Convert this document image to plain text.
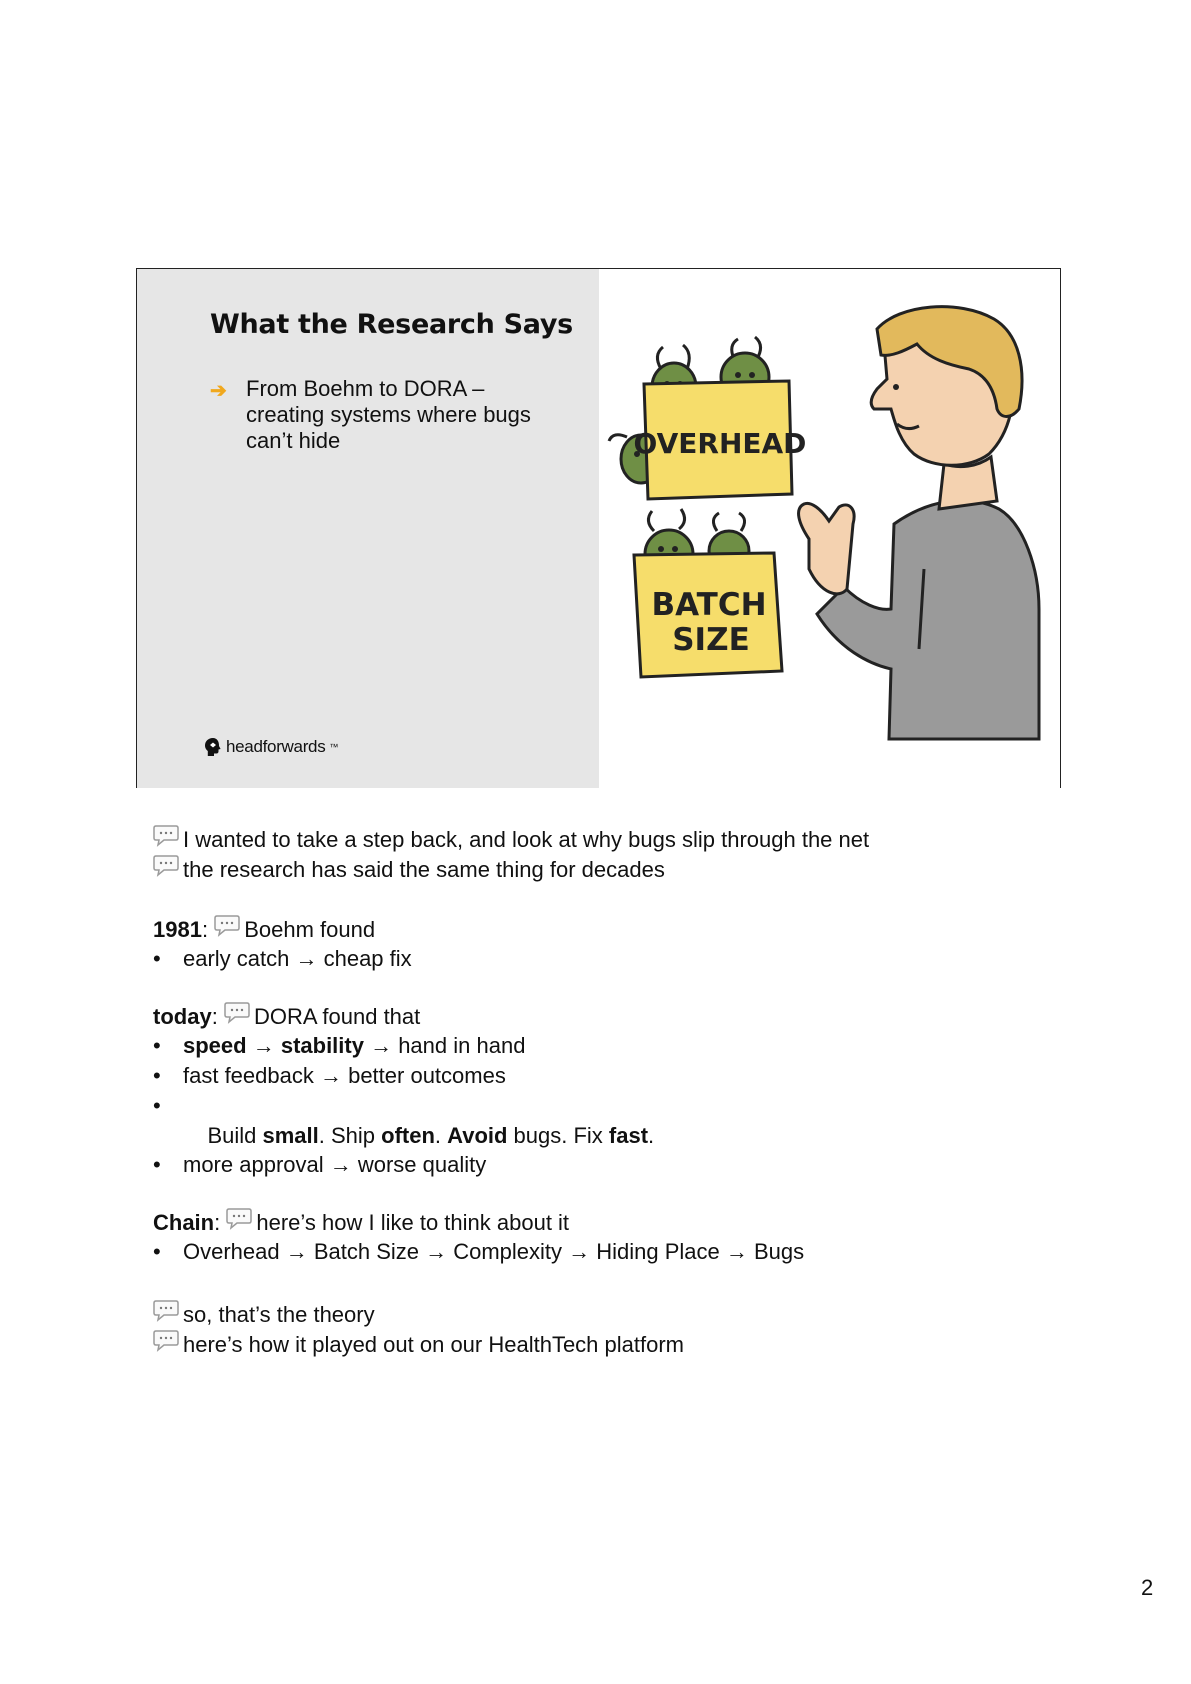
What the Research Says
➔ From Boehm to DORA – creating systems where bugs can’t hide
headforwards ™
OVERHEAD
BATCH
SIZE
I wanted to take a step back, and look at why bugs slip through the net
the research has said the same thing for decades
1981: Boehm found
• early catch → cheap fix
today: DORA found that
• speed → stability → hand in hand
• fast feedback → better outcomes

•
Build small. Ship often. Avoid bugs. Fix fast.

• more approval → worse quality
Chain: here’s how I like to think about it
• Overhead → Batch Size → Complexity → Hiding Place → Bugs
so, that’s the theory
here’s how it played out on our HealthTech platform
2
